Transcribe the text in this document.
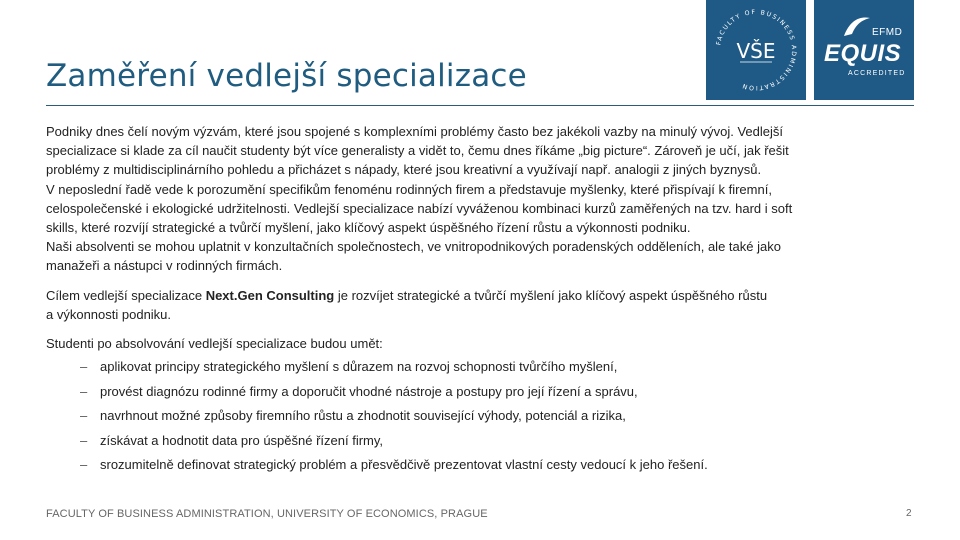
Zaměření vedlejší specializace
FACULTY OF BUSINESS ADMINISTRATION
VŠE
EFMD
EQUIS
ACCREDITED
Podniky dnes čelí novým výzvám, které jsou spojené s komplexními problémy často bez jakékoli vazby na minulý vývoj. Vedlejší
specializace si klade za cíl naučit studenty být více generalisty a vidět to, čemu dnes říkáme „big picture“. Zároveň je učí, jak řešit
problémy z multidisciplinárního pohledu a přicházet s nápady, které jsou kreativní a využívají např. analogii z jiných byznysů.
V neposlední řadě vede k porozumění specifikům fenoménu rodinných firem a představuje myšlenky, které přispívají k firemní,
celospolečenské i ekologické udržitelnosti. Vedlejší specializace nabízí vyváženou kombinaci kurzů zaměřených na tzv. hard i soft
skills, které rozvíjí strategické a tvůrčí myšlení, jako klíčový aspekt úspěšného řízení růstu a výkonnosti podniku.
Naši absolventi se mohou uplatnit v konzultačních společnostech, ve vnitropodnikových poradenských odděleních, ale také jako
manažeři a nástupci v rodinných firmách.
Cílem vedlejší specializace Next.Gen Consulting je rozvíjet strategické a tvůrčí myšlení jako klíčový aspekt úspěšného růstu
a výkonnosti podniku.
Studenti po absolvování vedlejší specializace budou umět:
– aplikovat principy strategického myšlení s důrazem na rozvoj schopnosti tvůrčího myšlení,
– provést diagnózu rodinné firmy a doporučit vhodné nástroje a postupy pro její řízení a správu,
– navrhnout možné způsoby firemního růstu a zhodnotit související výhody, potenciál a rizika,
– získávat a hodnotit data pro úspěšné řízení firmy,
– srozumitelně definovat strategický problém a přesvědčivě prezentovat vlastní cesty vedoucí k jeho řešení.
FACULTY OF BUSINESS ADMINISTRATION, UNIVERSITY OF ECONOMICS, PRAGUE	2
